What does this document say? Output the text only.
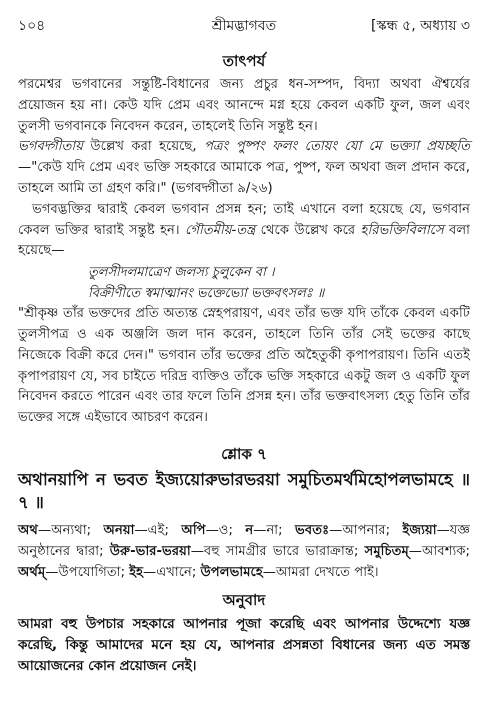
১০৪	শ্রীমদ্ভাগবত	[স্কন্ধ ৫, অধ্যায় ৩
তাৎপর্য

পরমেশ্বর ভগবানের সন্তুষ্টি-বিধানের জন্য প্রচুর ধন-সম্পদ, বিদ্যা অথবা ঐশ্বর্যের প্রয়োজন হয় না। কেউ যদি প্রেম এবং আনন্দে মগ্ন হয়ে কেবল একটি ফুল, জল এবং তুলসী ভগবানকে নিবেদন করেন, তাহলেই তিনি সন্তুষ্ট হন।

ভগবদ্গীতায় উল্লেখ করা হয়েছে, পত্রং পুষ্পং ফলং তোয়ং যো মে ভক্ত্যা প্রযচ্ছতি—"কেউ যদি প্রেম এবং ভক্তি সহকারে আমাকে পত্র, পুষ্প, ফল অথবা জল প্রদান করে, তাহলে আমি তা গ্রহণ করি।" (ভগবদ্গীতা ৯/২৬)

ভগবদ্ভক্তির দ্বারাই কেবল ভগবান প্রসন্ন হন; তাই এখানে বলা হয়েছে যে, ভগবান কেবল ভক্তির দ্বারাই সন্তুষ্ট হন। গৌতমীয়-তন্ত্র থেকে উল্লেখ করে হরিভক্তিবিলাসে বলা হয়েছে—

তুলসীদলমাত্রেণ জলস্য চুলুকেন বা ।
বিক্রীণীতে স্বমাত্মানং ভক্তেভ্যো ভক্তবৎসলঃ ॥

"শ্রীকৃষ্ণ তাঁর ভক্তদের প্রতি অত্যন্ত স্নেহপরায়ণ, এবং তাঁর ভক্ত যদি তাঁকে কেবল একটি তুলসীপত্র ও এক অঞ্জলি জল দান করেন, তাহলে তিনি তাঁর সেই ভক্তের কাছে নিজেকে বিক্রী করে দেন।" ভগবান তাঁর ভক্তের প্রতি অহৈতুকী কৃপাপরায়ণ। তিনি এতই কৃপাপরায়ণ যে, সব চাইতে দরিদ্র ব্যক্তিও তাঁকে ভক্তি সহকারে একটু জল ও একটি ফুল নিবেদন করতে পারেন এবং তার ফলে তিনি প্রসন্ন হন। তাঁর ভক্তবাৎসল্য হেতু তিনি তাঁর ভক্তের সঙ্গে এইভাবে আচরণ করেন।

শ্লোক ৭
অথানয়াপি ন ভবত ইজ্যয়োরুভারভরয়া সমুচিতমর্থমিহোপলভামহে ॥ ৭ ॥
অথ—অন্যথা; অনয়া—এই; অপি—ও; ন—না; ভবতঃ—আপনার; ইজ্যয়া—যজ্ঞ অনুষ্ঠানের দ্বারা; উরু-ভার-ভরয়া—বহু সামগ্রীর ভারে ভারাক্রান্ত; সমুচিতম্—আবশ্যক; অর্থম্—উপযোগিতা; ইহ—এখানে; উপলভামহে—আমরা দেখতে পাই।
অনুবাদ
আমরা বহু উপচার সহকারে আপনার পূজা করেছি এবং আপনার উদ্দেশ্যে যজ্ঞ করেছি, কিন্তু আমাদের মনে হয় যে, আপনার প্রসন্নতা বিধানের জন্য এত সমস্ত আয়োজনের কোন প্রয়োজন নেই।
